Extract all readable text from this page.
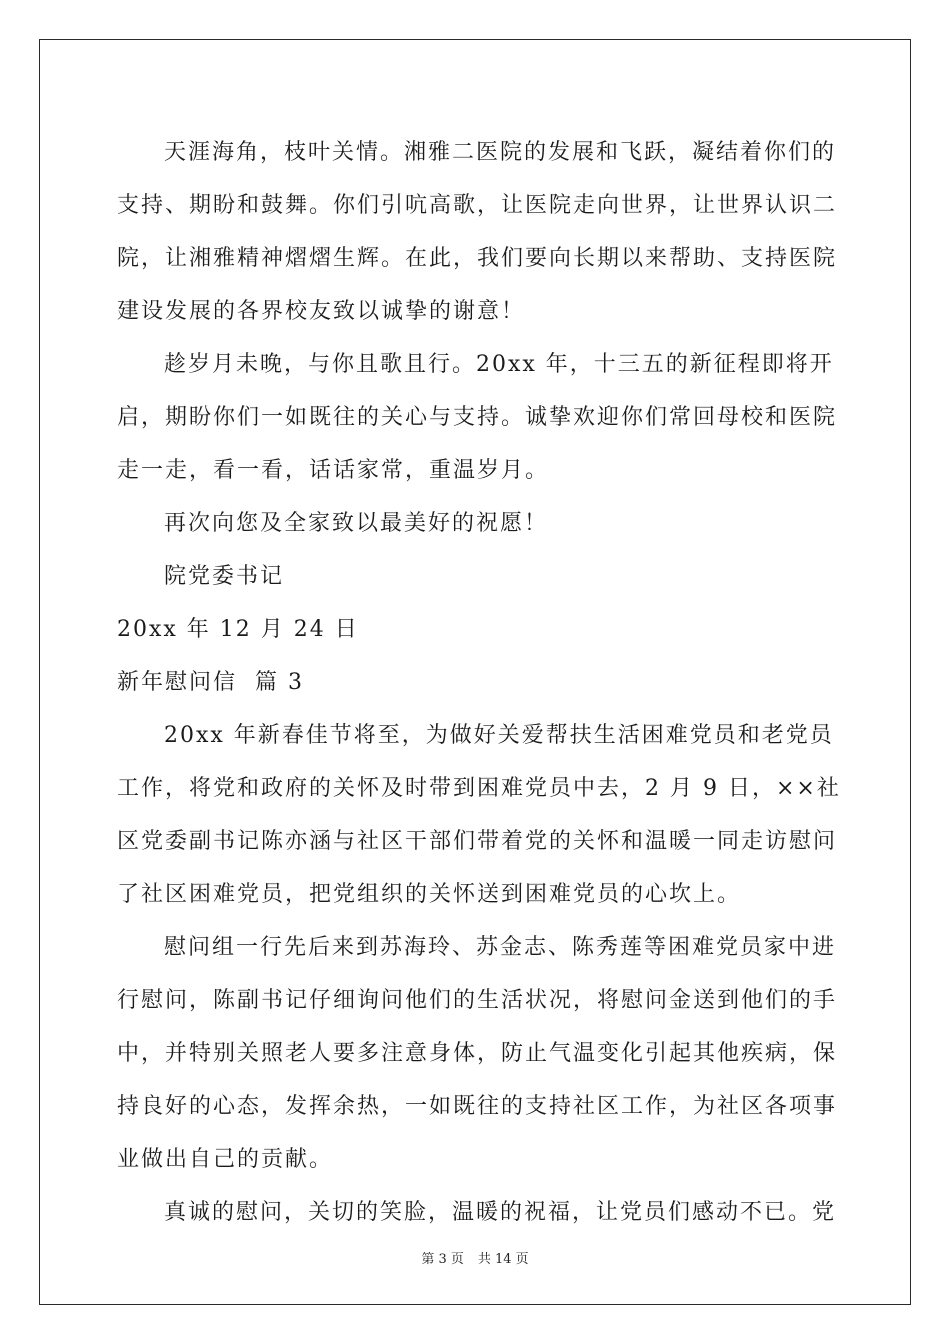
天涯海角，枝叶关情。湘雅二医院的发展和飞跃，凝结着你们的
支持、期盼和鼓舞。你们引吭高歌，让医院走向世界，让世界认识二
院，让湘雅精神熠熠生辉。在此，我们要向长期以来帮助、支持医院
建设发展的各界校友致以诚挚的谢意！
趁岁月未晚，与你且歌且行。20xx 年，十三五的新征程即将开
启，期盼你们一如既往的关心与支持。诚挚欢迎你们常回母校和医院
走一走，看一看，话话家常，重温岁月。
再次向您及全家致以最美好的祝愿！
院党委书记
20xx 年 12 月 24 日
新年慰问信  篇 3
20xx 年新春佳节将至，为做好关爱帮扶生活困难党员和老党员
工作，将党和政府的关怀及时带到困难党员中去，2 月 9 日，××社
区党委副书记陈亦涵与社区干部们带着党的关怀和温暖一同走访慰问
了社区困难党员，把党组织的关怀送到困难党员的心坎上。
慰问组一行先后来到苏海玲、苏金志、陈秀莲等困难党员家中进
行慰问，陈副书记仔细询问他们的生活状况，将慰问金送到他们的手
中，并特别关照老人要多注意身体，防止气温变化引起其他疾病，保
持良好的心态，发挥余热，一如既往的支持社区工作，为社区各项事
业做出自己的贡献。
真诚的慰问，关切的笑脸，温暖的祝福，让党员们感动不已。党
第 3 页 共 14 页
